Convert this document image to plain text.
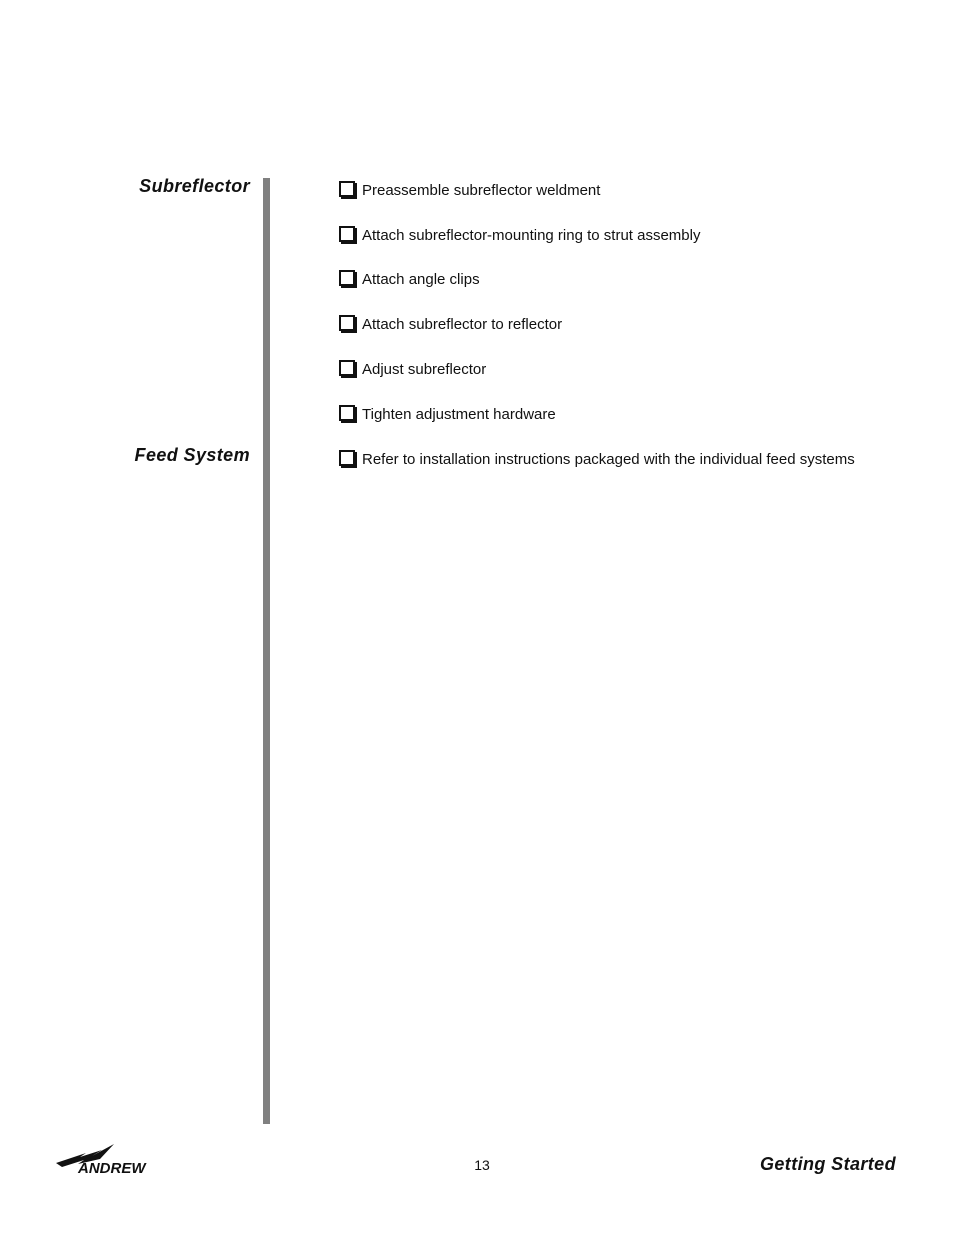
Subreflector
Feed System
Preassemble subreflector weldment
Attach subreflector-mounting ring to strut assembly
Attach angle clips
Attach subreflector to reflector
Adjust subreflector
Tighten adjustment hardware
Refer to installation instructions packaged with the individual feed systems
ANDREW	13	Getting Started
